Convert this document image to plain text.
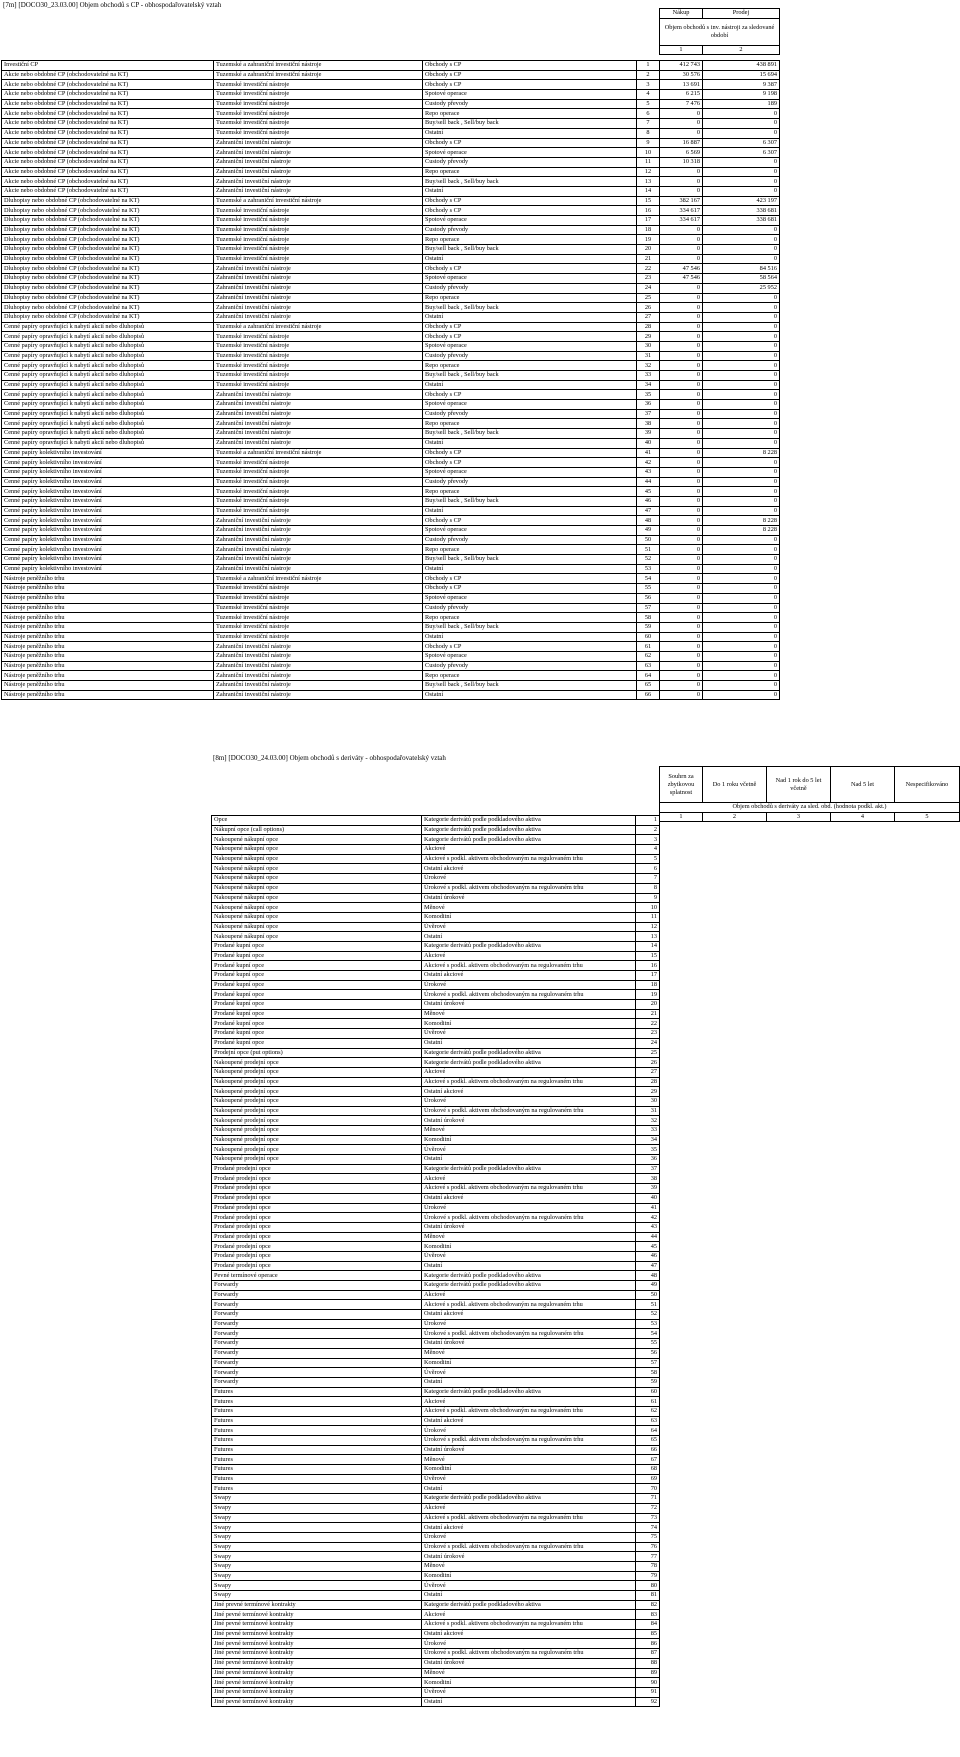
[7m] [DOCO30_23.03.00] Objem obchodů s CP - obhospodařovatelský vztah
Nákup	Prodej
Objem obchodů s inv. nástroji za sledované období	
1	2
Investiční CP	Tuzemské a zahraniční investiční nástroje	Obchody s CP	1	412 743	438 891
Akcie nebo obdobné CP (obchodovatelné na KT)	Tuzemské a zahraniční investiční nástroje	Obchody s CP	2	30 576	15 694
Akcie nebo obdobné CP (obchodovatelné na KT)	Tuzemské investiční nástroje	Obchody s CP	3	13 691	9 387
Akcie nebo obdobné CP (obchodovatelné na KT)	Tuzemské investiční nástroje	Spotové operace	4	6 215	9 198
Akcie nebo obdobné CP (obchodovatelné na KT)	Tuzemské investiční nástroje	Custody převody	5	7 476	189
Akcie nebo obdobné CP (obchodovatelné na KT)	Tuzemské investiční nástroje	Repo operace	6	0	0
Akcie nebo obdobné CP (obchodovatelné na KT)	Tuzemské investiční nástroje	Buy/sell back , Sell/buy back	7	0	0
Akcie nebo obdobné CP (obchodovatelné na KT)	Tuzemské investiční nástroje	Ostatní	8	0	0
Akcie nebo obdobné CP (obchodovatelné na KT)	Zahraniční investiční nástroje	Obchody s CP	9	16 887	6 307
Akcie nebo obdobné CP (obchodovatelné na KT)	Zahraniční investiční nástroje	Spotové operace	10	6 569	6 307
Akcie nebo obdobné CP (obchodovatelné na KT)	Zahraniční investiční nástroje	Custody převody	11	10 318	0
Akcie nebo obdobné CP (obchodovatelné na KT)	Zahraniční investiční nástroje	Repo operace	12	0	0
Akcie nebo obdobné CP (obchodovatelné na KT)	Zahraniční investiční nástroje	Buy/sell back , Sell/buy back	13	0	0
Akcie nebo obdobné CP (obchodovatelné na KT)	Zahraniční investiční nástroje	Ostatní	14	0	0
Dluhopisy nebo obdobné CP (obchodovatelné na KT)	Tuzemské a zahraniční investiční nástroje	Obchody s CP	15	382 167	423 197
Dluhopisy nebo obdobné CP (obchodovatelné na KT)	Tuzemské investiční nástroje	Obchody s CP	16	334 617	338 681
Dluhopisy nebo obdobné CP (obchodovatelné na KT)	Tuzemské investiční nástroje	Spotové operace	17	334 617	338 681
Dluhopisy nebo obdobné CP (obchodovatelné na KT)	Tuzemské investiční nástroje	Custody převody	18	0	0
Dluhopisy nebo obdobné CP (obchodovatelné na KT)	Tuzemské investiční nástroje	Repo operace	19	0	0
Dluhopisy nebo obdobné CP (obchodovatelné na KT)	Tuzemské investiční nástroje	Buy/sell back , Sell/buy back	20	0	0
Dluhopisy nebo obdobné CP (obchodovatelné na KT)	Tuzemské investiční nástroje	Ostatní	21	0	0
Dluhopisy nebo obdobné CP (obchodovatelné na KT)	Zahraniční investiční nástroje	Obchody s CP	22	47 546	84 516
Dluhopisy nebo obdobné CP (obchodovatelné na KT)	Zahraniční investiční nástroje	Spotové operace	23	47 546	58 564
Dluhopisy nebo obdobné CP (obchodovatelné na KT)	Zahraniční investiční nástroje	Custody převody	24	0	25 952
Dluhopisy nebo obdobné CP (obchodovatelné na KT)	Zahraniční investiční nástroje	Repo operace	25	0	0
Dluhopisy nebo obdobné CP (obchodovatelné na KT)	Zahraniční investiční nástroje	Buy/sell back , Sell/buy back	26	0	0
Dluhopisy nebo obdobné CP (obchodovatelné na KT)	Zahraniční investiční nástroje	Ostatní	27	0	0
Cenné papíry opravňující k nabytí akcií nebo dluhopisů	Tuzemské a zahraniční investiční nástroje	Obchody s CP	28	0	0
Cenné papíry opravňující k nabytí akcií nebo dluhopisů	Tuzemské investiční nástroje	Obchody s CP	29	0	0
Cenné papíry opravňující k nabytí akcií nebo dluhopisů	Tuzemské investiční nástroje	Spotové operace	30	0	0
Cenné papíry opravňující k nabytí akcií nebo dluhopisů	Tuzemské investiční nástroje	Custody převody	31	0	0
Cenné papíry opravňující k nabytí akcií nebo dluhopisů	Tuzemské investiční nástroje	Repo operace	32	0	0
Cenné papíry opravňující k nabytí akcií nebo dluhopisů	Tuzemské investiční nástroje	Buy/sell back , Sell/buy back	33	0	0
Cenné papíry opravňující k nabytí akcií nebo dluhopisů	Tuzemské investiční nástroje	Ostatní	34	0	0
Cenné papíry opravňující k nabytí akcií nebo dluhopisů	Zahraniční investiční nástroje	Obchody s CP	35	0	0
Cenné papíry opravňující k nabytí akcií nebo dluhopisů	Zahraniční investiční nástroje	Spotové operace	36	0	0
Cenné papíry opravňující k nabytí akcií nebo dluhopisů	Zahraniční investiční nástroje	Custody převody	37	0	0
Cenné papíry opravňující k nabytí akcií nebo dluhopisů	Zahraniční investiční nástroje	Repo operace	38	0	0
Cenné papíry opravňující k nabytí akcií nebo dluhopisů	Zahraniční investiční nástroje	Buy/sell back , Sell/buy back	39	0	0
Cenné papíry opravňující k nabytí akcií nebo dluhopisů	Zahraniční investiční nástroje	Ostatní	40	0	0
Cenné papíry kolektivního investování	Tuzemské a zahraniční investiční nástroje	Obchody s CP	41	0	8 228
Cenné papíry kolektivního investování	Tuzemské investiční nástroje	Obchody s CP	42	0	0
Cenné papíry kolektivního investování	Tuzemské investiční nástroje	Spotové operace	43	0	0
Cenné papíry kolektivního investování	Tuzemské investiční nástroje	Custody převody	44	0	0
Cenné papíry kolektivního investování	Tuzemské investiční nástroje	Repo operace	45	0	0
Cenné papíry kolektivního investování	Tuzemské investiční nástroje	Buy/sell back , Sell/buy back	46	0	0
Cenné papíry kolektivního investování	Tuzemské investiční nástroje	Ostatní	47	0	0
Cenné papíry kolektivního investování	Zahraniční investiční nástroje	Obchody s CP	48	0	8 228
Cenné papíry kolektivního investování	Zahraniční investiční nástroje	Spotové operace	49	0	8 228
Cenné papíry kolektivního investování	Zahraniční investiční nástroje	Custody převody	50	0	0
Cenné papíry kolektivního investování	Zahraniční investiční nástroje	Repo operace	51	0	0
Cenné papíry kolektivního investování	Zahraniční investiční nástroje	Buy/sell back , Sell/buy back	52	0	0
Cenné papíry kolektivního investování	Zahraniční investiční nástroje	Ostatní	53	0	0
Nástroje peněžního trhu	Tuzemské a zahraniční investiční nástroje	Obchody s CP	54	0	0
Nástroje peněžního trhu	Tuzemské investiční nástroje	Obchody s CP	55	0	0
Nástroje peněžního trhu	Tuzemské investiční nástroje	Spotové operace	56	0	0
Nástroje peněžního trhu	Tuzemské investiční nástroje	Custody převody	57	0	0
Nástroje peněžního trhu	Tuzemské investiční nástroje	Repo operace	58	0	0
Nástroje peněžního trhu	Tuzemské investiční nástroje	Buy/sell back , Sell/buy back	59	0	0
Nástroje peněžního trhu	Tuzemské investiční nástroje	Ostatní	60	0	0
Nástroje peněžního trhu	Zahraniční investiční nástroje	Obchody s CP	61	0	0
Nástroje peněžního trhu	Zahraniční investiční nástroje	Spotové operace	62	0	0
Nástroje peněžního trhu	Zahraniční investiční nástroje	Custody převody	63	0	0
Nástroje peněžního trhu	Zahraniční investiční nástroje	Repo operace	64	0	0
Nástroje peněžního trhu	Zahraniční investiční nástroje	Buy/sell back , Sell/buy back	65	0	0
Nástroje peněžního trhu	Zahraniční investiční nástroje	Ostatní	66	0	0
[8m] [DOCO30_24.03.00] Objem obchodů s deriváty - obhospodařovatelský vztah
Souhrn za zbytkovou splatnost	Do 1 roku včetně	Nad 1 rok do 5 let včetně	Nad 5 let	Nespecifikováno
Objem obchodů s deriváty za sled. obd. (hodnota podkl. akt.)				
1	2	3	4	5
Opce	Kategorie derivátů podle podkladového aktiva	1					
Nákupní opce (call options)	Kategorie derivátů podle podkladového aktiva	2					
Nakoupené nákupní opce	Kategorie derivátů podle podkladového aktiva	3					
Nakoupené nákupní opce	Akciové	4					
Nakoupené nákupní opce	Akciové s podkl. aktivem obchodovaným na regulovaném trhu	5					
Nakoupené nákupní opce	Ostatní akciové	6					
Nakoupené nákupní opce	Úrokové	7					
Nakoupené nákupní opce	Úrokové s podkl. aktivem obchodovaným na regulovaném trhu	8					
Nakoupené nákupní opce	Ostatní úrokové	9					
Nakoupené nákupní opce	Měnové	10					
Nakoupené nákupní opce	Komoditní	11					
Nakoupené nákupní opce	Úvěrové	12					
Nakoupené nákupní opce	Ostatní	13					
Prodané kupní opce	Kategorie derivátů podle podkladového aktiva	14					
Prodané kupní opce	Akciové	15					
Prodané kupní opce	Akciové s podkl. aktivem obchodovaným na regulovaném trhu	16					
Prodané kupní opce	Ostatní akciové	17					
Prodané kupní opce	Úrokové	18					
Prodané kupní opce	Úrokové s podkl. aktivem obchodovaným na regulovaném trhu	19					
Prodané kupní opce	Ostatní úrokové	20					
Prodané kupní opce	Měnové	21					
Prodané kupní opce	Komoditní	22					
Prodané kupní opce	Úvěrové	23					
Prodané kupní opce	Ostatní	24					
Prodejní opce (put options)	Kategorie derivátů podle podkladového aktiva	25					
Nakoupené prodejní opce	Kategorie derivátů podle podkladového aktiva	26					
Nakoupené prodejní opce	Akciové	27					
Nakoupené prodejní opce	Akciové s podkl. aktivem obchodovaným na regulovaném trhu	28					
Nakoupené prodejní opce	Ostatní akciové	29					
Nakoupené prodejní opce	Úrokové	30					
Nakoupené prodejní opce	Úrokové s podkl. aktivem obchodovaným na regulovaném trhu	31					
Nakoupené prodejní opce	Ostatní úrokové	32					
Nakoupené prodejní opce	Měnové	33					
Nakoupené prodejní opce	Komoditní	34					
Nakoupené prodejní opce	Úvěrové	35					
Nakoupené prodejní opce	Ostatní	36					
Prodané prodejní opce	Kategorie derivátů podle podkladového aktiva	37					
Prodané prodejní opce	Akciové	38					
Prodané prodejní opce	Akciové s podkl. aktivem obchodovaným na regulovaném trhu	39					
Prodané prodejní opce	Ostatní akciové	40					
Prodané prodejní opce	Úrokové	41					
Prodané prodejní opce	Úrokové s podkl. aktivem obchodovaným na regulovaném trhu	42					
Prodané prodejní opce	Ostatní úrokové	43					
Prodané prodejní opce	Měnové	44					
Prodané prodejní opce	Komoditní	45					
Prodané prodejní opce	Úvěrové	46					
Prodané prodejní opce	Ostatní	47					
Pevné termínové operace	Kategorie derivátů podle podkladového aktiva	48					
Forwardy	Kategorie derivátů podle podkladového aktiva	49					
Forwardy	Akciové	50					
Forwardy	Akciové s podkl. aktivem obchodovaným na regulovaném trhu	51					
Forwardy	Ostatní akciové	52					
Forwardy	Úrokové	53					
Forwardy	Úrokové s podkl. aktivem obchodovaným na regulovaném trhu	54					
Forwardy	Ostatní úrokové	55					
Forwardy	Měnové	56					
Forwardy	Komoditní	57					
Forwardy	Úvěrové	58					
Forwardy	Ostatní	59					
Futures	Kategorie derivátů podle podkladového aktiva	60					
Futures	Akciové	61					
Futures	Akciové s podkl. aktivem obchodovaným na regulovaném trhu	62					
Futures	Ostatní akciové	63					
Futures	Úrokové	64					
Futures	Úrokové s podkl. aktivem obchodovaným na regulovaném trhu	65					
Futures	Ostatní úrokové	66					
Futures	Měnové	67					
Futures	Komoditní	68					
Futures	Úvěrové	69					
Futures	Ostatní	70					
Swapy	Kategorie derivátů podle podkladového aktiva	71					
Swapy	Akciové	72					
Swapy	Akciové s podkl. aktivem obchodovaným na regulovaném trhu	73					
Swapy	Ostatní akciové	74					
Swapy	Úrokové	75					
Swapy	Úrokové s podkl. aktivem obchodovaným na regulovaném trhu	76					
Swapy	Ostatní úrokové	77					
Swapy	Měnové	78					
Swapy	Komoditní	79					
Swapy	Úvěrové	80					
Swapy	Ostatní	81					
Jiné prevné termínové kontrakty	Kategorie derivátů podle podkladového aktiva	82					
Jiné pevné termínové kontrakty	Akciové	83					
Jiné pevné termínové kontrakty	Akciové s podkl. aktivem obchodovaným na regulovaném trhu	84					
Jiné pevné termínové kontrakty	Ostatní akciové	85					
Jiné pevné termínové kontrakty	Úrokové	86					
Jiné pevné termínové kontrakty	Úrokové s podkl. aktivem obchodovaným na regulovaném trhu	87					
Jiné pevné termínové kontrakty	Ostatní úrokové	88					
Jiné pevné termínové kontrakty	Měnové	89					
Jiné pevné termínové kontrakty	Komoditní	90					
Jiné pevné termínové kontrakty	Úvěrové	91					
Jiné pevné termínové kontrakty	Ostatní	92					
